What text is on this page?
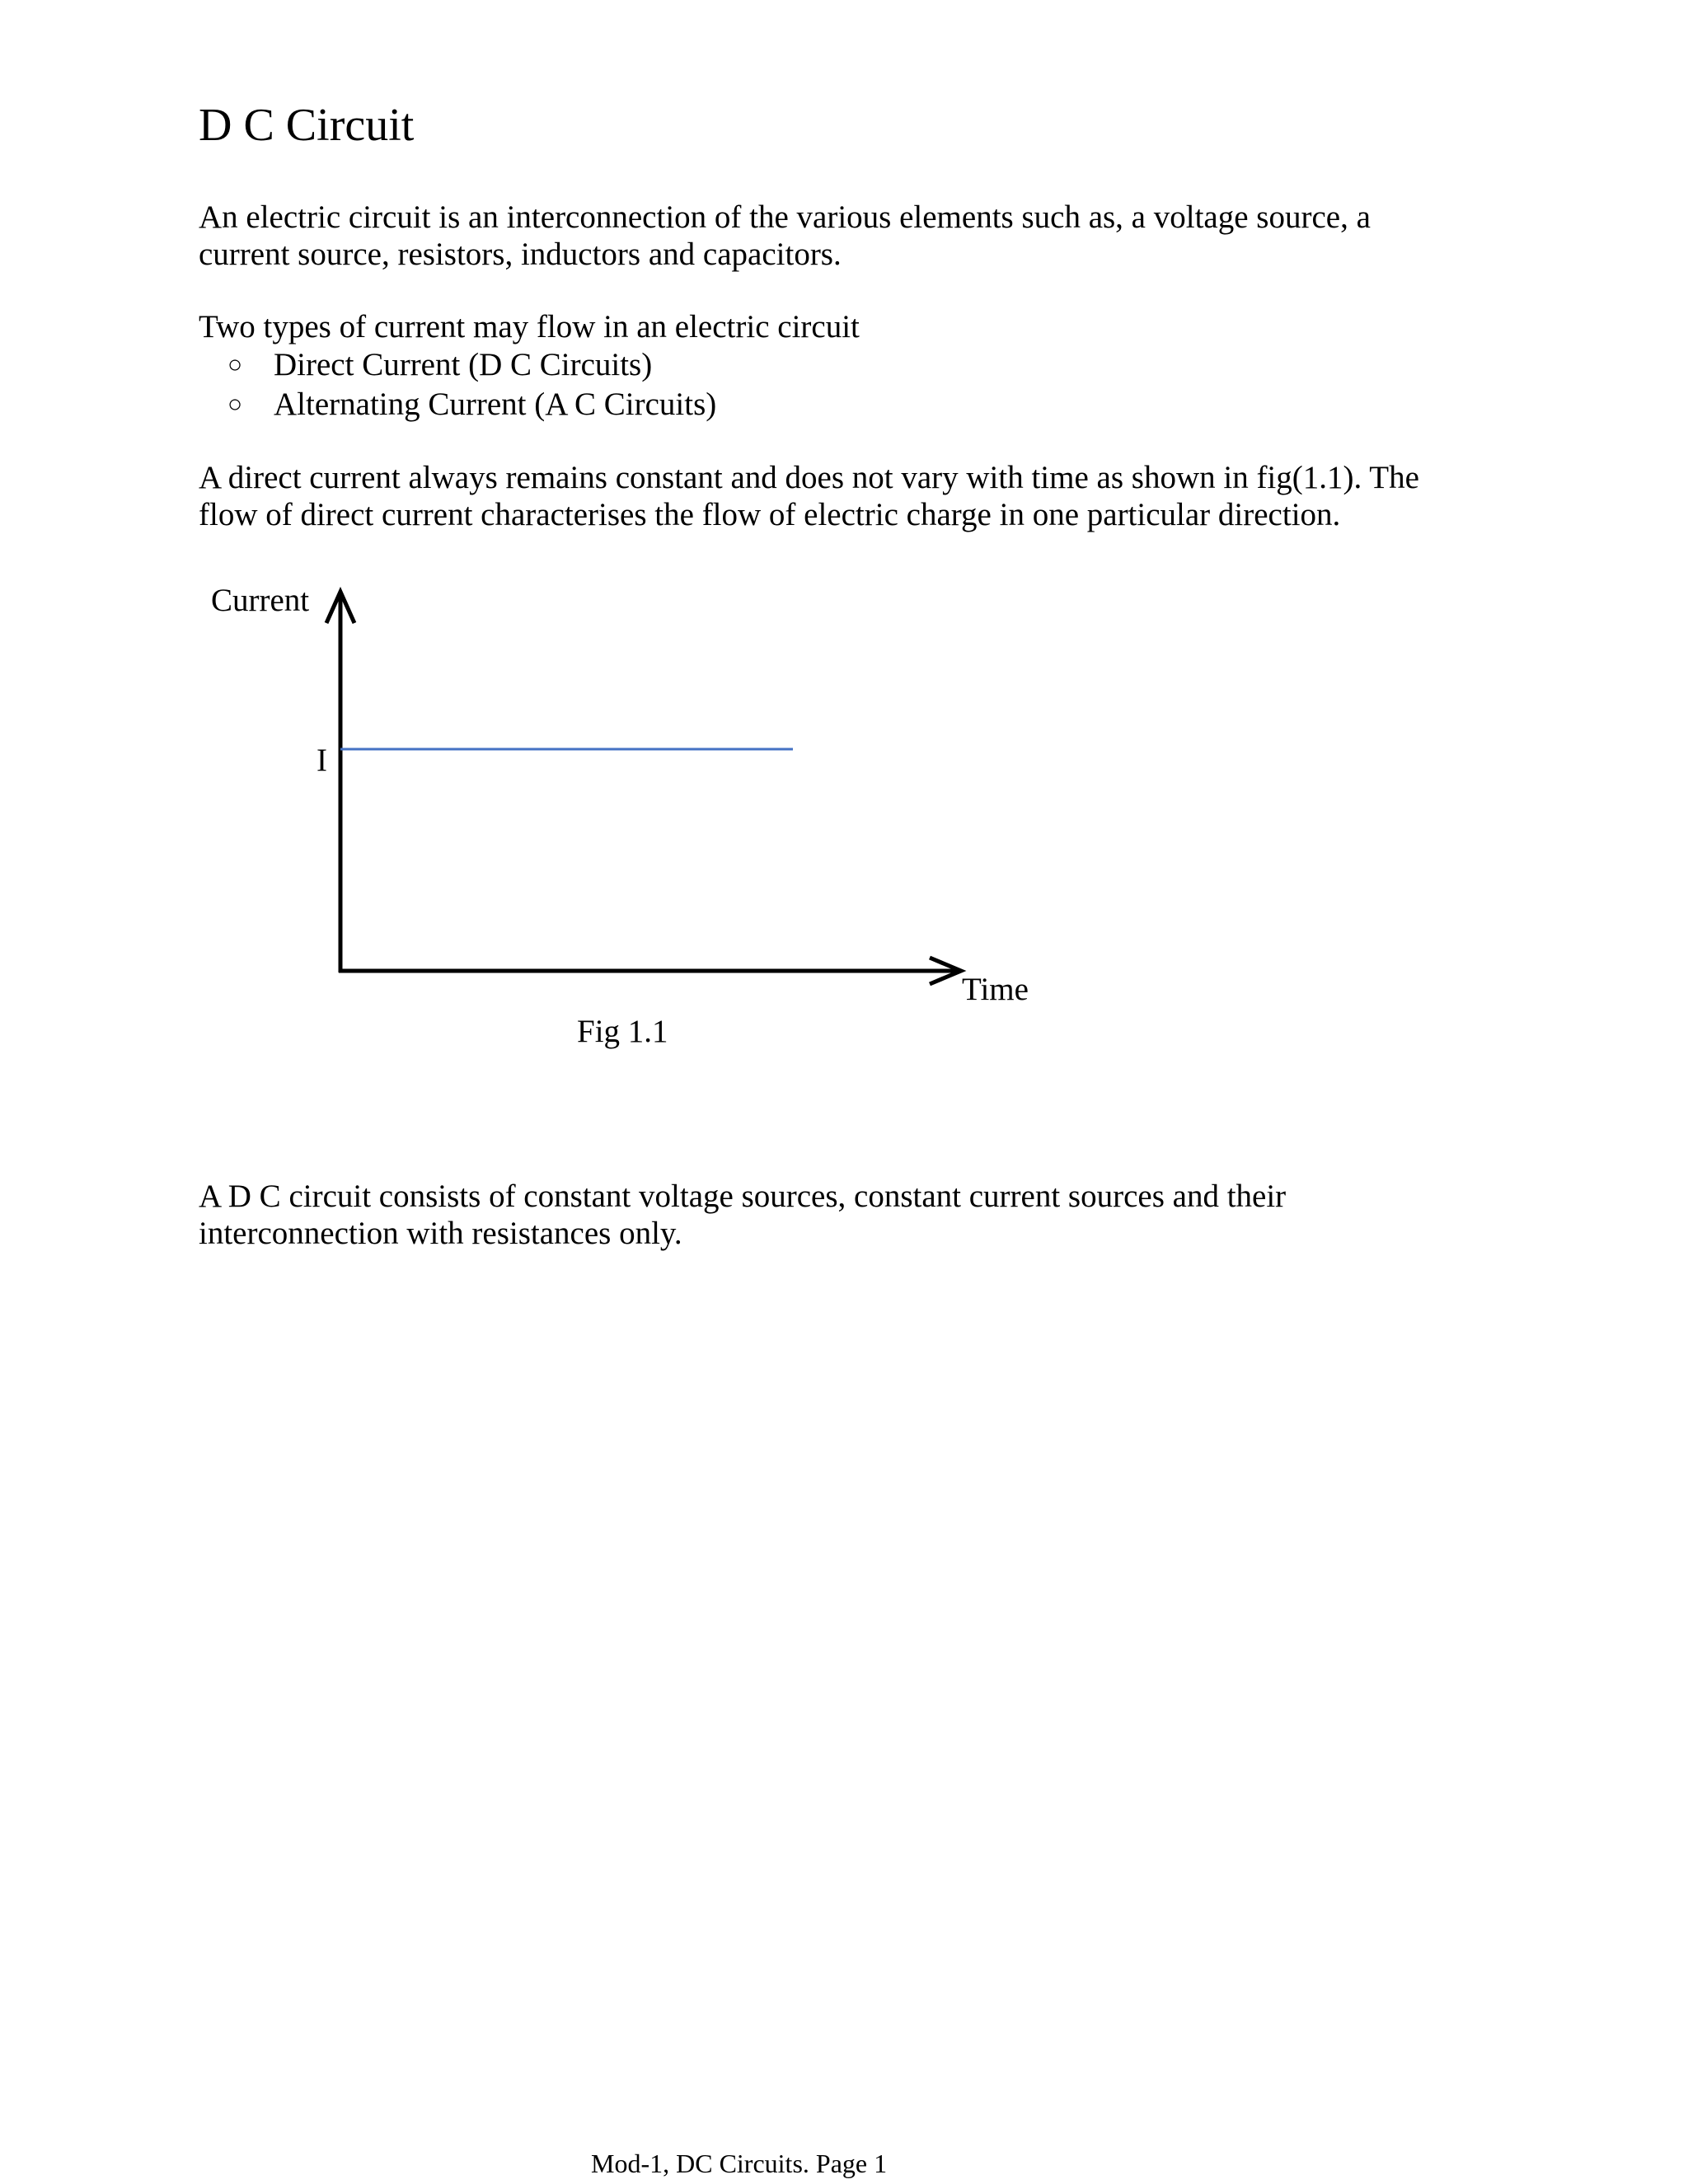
D C Circuit

An electric circuit is an interconnection of the various elements such as, a voltage source, a
current source, resistors, inductors and capacitors.

Two types of current may flow in an electric circuit

○ Direct Current (D C Circuits)
○ Alternating Current (A C Circuits)

A direct current always remains constant and does not vary with time as shown in fig(1.1). The
flow of direct current characterises the flow of electric charge in one particular direction.

Current
Time
I
Fig 1.1

A D C circuit consists of constant voltage sources, constant current sources and their
interconnection with resistances only.

Mod-1, DC Circuits. Page 1
